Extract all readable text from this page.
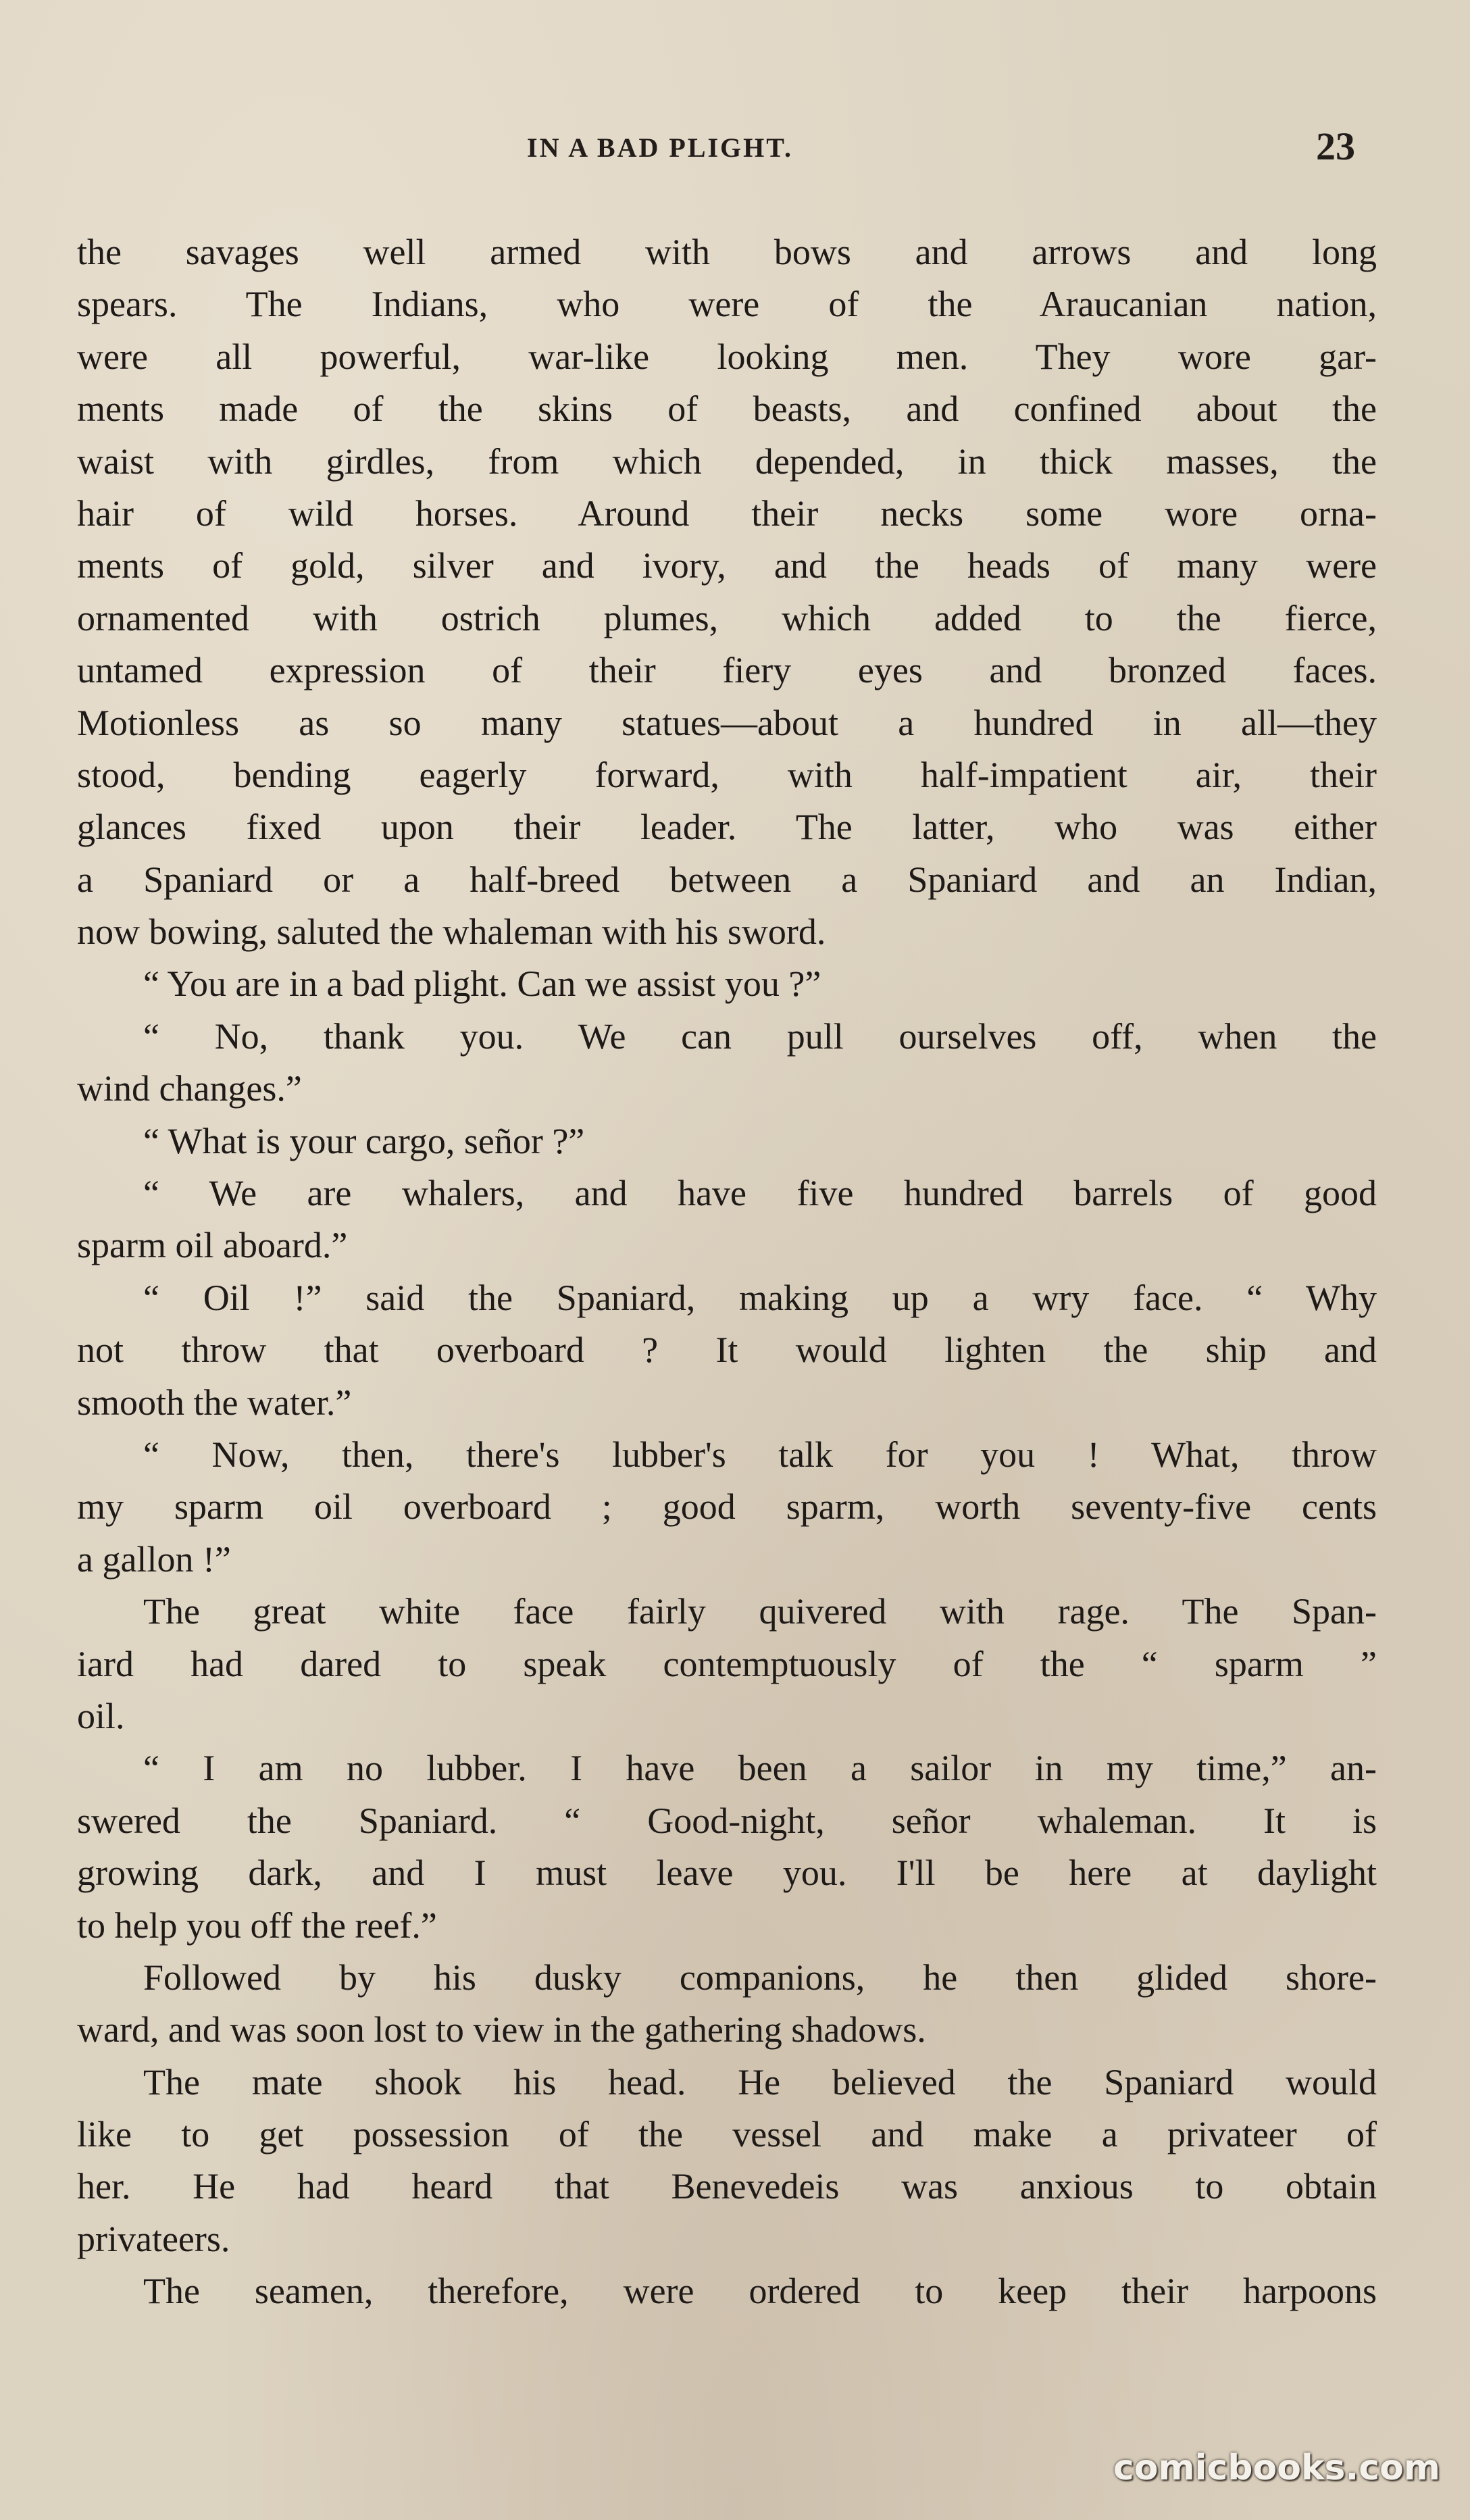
IN A BAD PLIGHT.	23
the savages well armed with bows and arrows and long
spears. The Indians, who were of the Araucanian nation,
were all powerful, war-like looking men. They wore gar-
ments made of the skins of beasts, and confined about the
waist with girdles, from which depended, in thick masses, the
hair of wild horses. Around their necks some wore orna-
ments of gold, silver and ivory, and the heads of many were
ornamented with ostrich plumes, which added to the fierce,
untamed expression of their fiery eyes and bronzed faces.
Motionless as so many statues—about a hundred in all—they
stood, bending eagerly forward, with half-impatient air, their
glances fixed upon their leader. The latter, who was either
a Spaniard or a half-breed between a Spaniard and an Indian,
now bowing, saluted the whaleman with his sword.
“ You are in a bad plight. Can we assist you ?”
“ No, thank you. We can pull ourselves off, when the
wind changes.”
“ What is your cargo, señor ?”
“ We are whalers, and have five hundred barrels of good
sparm oil aboard.”
“ Oil !” said the Spaniard, making up a wry face. “ Why
not throw that overboard ? It would lighten the ship and
smooth the water.”
“ Now, then, there's lubber's talk for you ! What, throw
my sparm oil overboard ; good sparm, worth seventy-five cents
a gallon !”
The great white face fairly quivered with rage. The Span-
iard had dared to speak contemptuously of the “ sparm ”
oil.
“ I am no lubber. I have been a sailor in my time,” an-
swered the Spaniard. “ Good-night, señor whaleman. It is
growing dark, and I must leave you. I'll be here at daylight
to help you off the reef.”
Followed by his dusky companions, he then glided shore-
ward, and was soon lost to view in the gathering shadows.
The mate shook his head. He believed the Spaniard would
like to get possession of the vessel and make a privateer of
her. He had heard that Benevedeis was anxious to obtain
privateers.
The seamen, therefore, were ordered to keep their harpoons
comicbooks.com
